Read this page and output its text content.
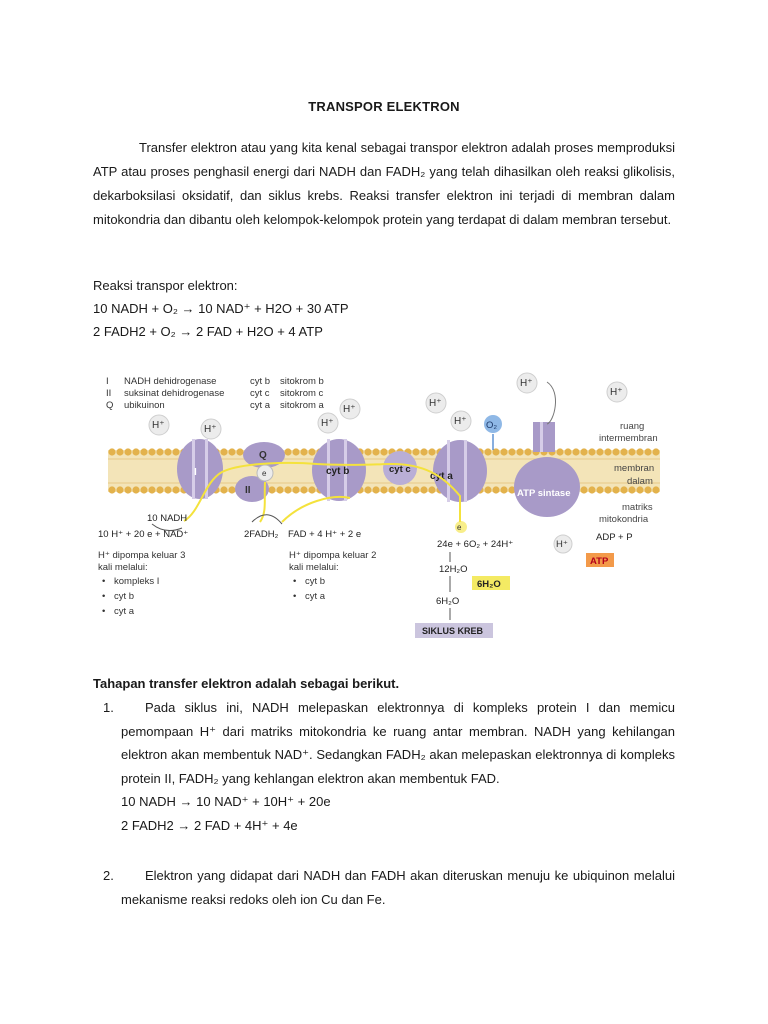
TRANSPOR ELEKTRON
Transfer elektron atau yang kita kenal sebagai transpor elektron adalah proses memproduksi ATP atau proses penghasil energi dari NADH dan FADH₂ yang telah dihasilkan oleh reaksi glikolisis, dekarboksilasi oksidatif, dan siklus krebs. Reaksi transfer elektron ini terjadi di membran dalam mitokondria dan dibantu oleh kelompok-kelompok protein yang terdapat di dalam membran tersebut.
Reaksi transpor elektron:
10 NADH + O₂ → 10 NAD⁺ + H2O + 30 ATP
2 FADH2 + O₂ → 2 FAD + H2O + 4 ATP
I NADH dehidrogenase	cyt b sitokrom b
II suksinat dehidrogenase	cyt c sitokrom c
Q ubikuinon	cyt a sitokrom a
H⁺	H⁺
H⁺
H⁺
H⁺
H⁺
H⁺
H⁺
O₂
I
Q
II
e	cyt b	cyt c
cyt a
ATP sintase
ruang
intermembran
membran
dalam
matriks
mitokondria
10 NADH
10 H⁺ + 20 e + NAD⁺	2FADH₂ FAD + 4 H⁺ + 2 e
H⁺ dipompa keluar 3
kali melalui:
• kompleks I
• cyt b
• cyt a
H⁺ dipompa keluar 2
kali melalui:
• cyt b
• cyt a
e
24e + 6O₂ + 24H⁺
12H₂O
6H₂O
6H₂O
SIKLUS KREB
H⁺
ADP + P
ATP
Tahapan transfer elektron adalah sebagai berikut.
1.	Pada siklus ini, NADH melepaskan elektronnya di kompleks protein I dan memicu pemompaan H⁺ dari matriks mitokondria ke ruang antar membran. NADH yang kehilangan elektron akan membentuk NAD⁺. Sedangkan FADH₂ akan melepaskan elektronnya di kompleks protein II, FADH₂ yang kehlangan elektron akan membentuk FAD.
10 NADH → 10 NAD⁺ + 10H⁺ + 20e
2 FADH2 → 2 FAD + 4H⁺ + 4e
2.	Elektron yang didapat dari NADH dan FADH akan diteruskan menuju ke ubiquinon melalui mekanisme reaksi redoks oleh ion Cu dan Fe.
